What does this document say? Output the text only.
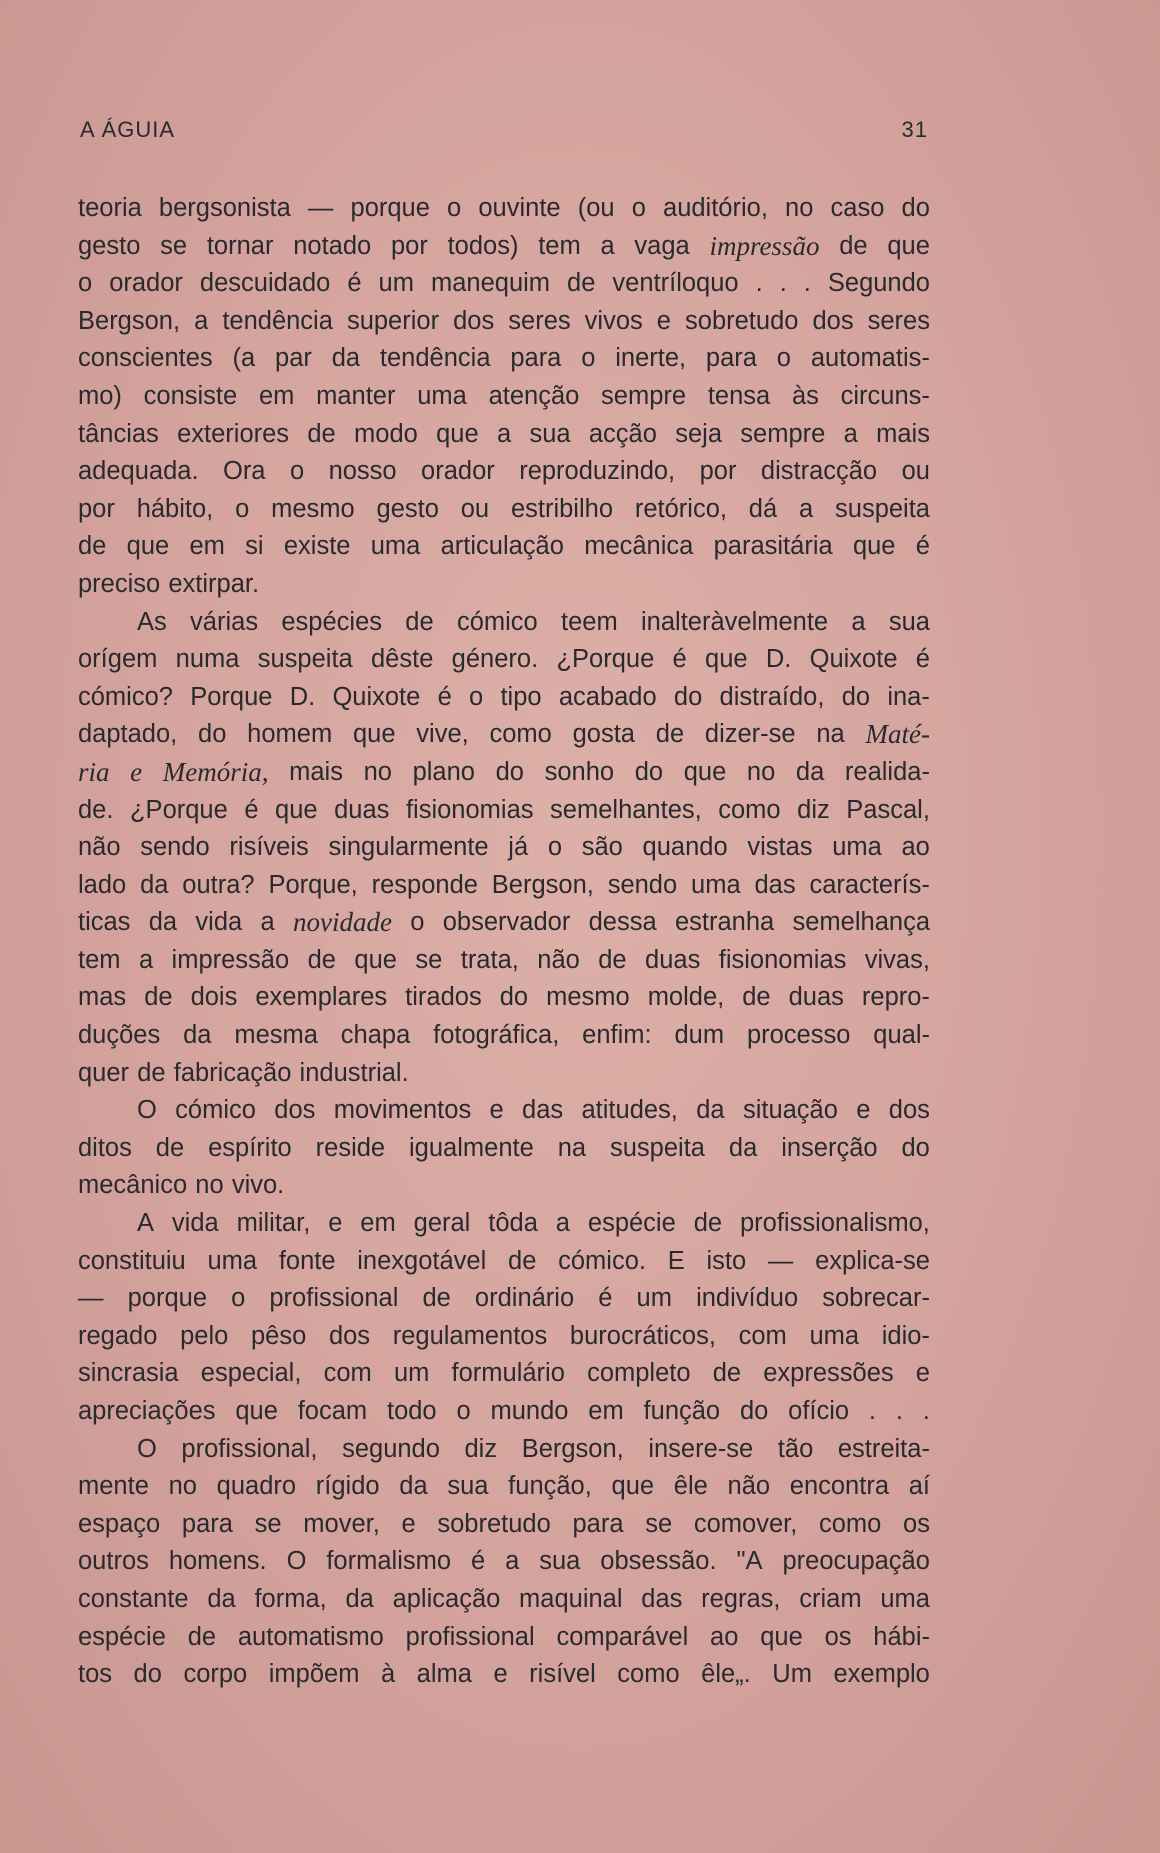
A ÁGUIA	31
teoria bergsonista — porque o ouvinte (ou o auditório, no caso do
gesto se tornar notado por todos) tem a vaga impressão de que
o orador descuidado é um manequim de ventríloquo . . . Segundo
Bergson, a tendência superior dos seres vivos e sobretudo dos seres
conscientes (a par da tendência para o inerte, para o automatis-
mo) consiste em manter uma atenção sempre tensa às circuns-
tâncias exteriores de modo que a sua acção seja sempre a mais
adequada. Ora o nosso orador reproduzindo, por distracção ou
por hábito, o mesmo gesto ou estribilho retórico, dá a suspeita
de que em si existe uma articulação mecânica parasitária que é
preciso extirpar.
As várias espécies de cómico teem inalteràvelmente a sua
orígem numa suspeita dêste género. ¿Porque é que D. Quixote é
cómico? Porque D. Quixote é o tipo acabado do distraído, do ina-
daptado, do homem que vive, como gosta de dizer-se na Maté-
ria e Memória, mais no plano do sonho do que no da realida-
de. ¿Porque é que duas fisionomias semelhantes, como diz Pascal,
não sendo risíveis singularmente já o são quando vistas uma ao
lado da outra? Porque, responde Bergson, sendo uma das caracterís-
ticas da vida a novidade o observador dessa estranha semelhança
tem a impressão de que se trata, não de duas fisionomias vivas,
mas de dois exemplares tirados do mesmo molde, de duas repro-
duções da mesma chapa fotográfica, enfim: dum processo qual-
quer de fabricação industrial.
O cómico dos movimentos e das atitudes, da situação e dos
ditos de espírito reside igualmente na suspeita da inserção do
mecânico no vivo.
A vida militar, e em geral tôda a espécie de profissionalismo,
constituiu uma fonte inexgotável de cómico. E isto — explica-se
— porque o profissional de ordinário é um indivíduo sobrecar-
regado pelo pêso dos regulamentos burocráticos, com uma idio-
sincrasia especial, com um formulário completo de expressões e
apreciações que focam todo o mundo em função do ofício . . .
O profissional, segundo diz Bergson, insere-se tão estreita-
mente no quadro rígido da sua função, que êle não encontra aí
espaço para se mover, e sobretudo para se comover, como os
outros homens. O formalismo é a sua obsessão. "A preocupação
constante da forma, da aplicação maquinal das regras, criam uma
espécie de automatismo profissional comparável ao que os hábi-
tos do corpo impõem à alma e risível como êle„. Um exemplo
